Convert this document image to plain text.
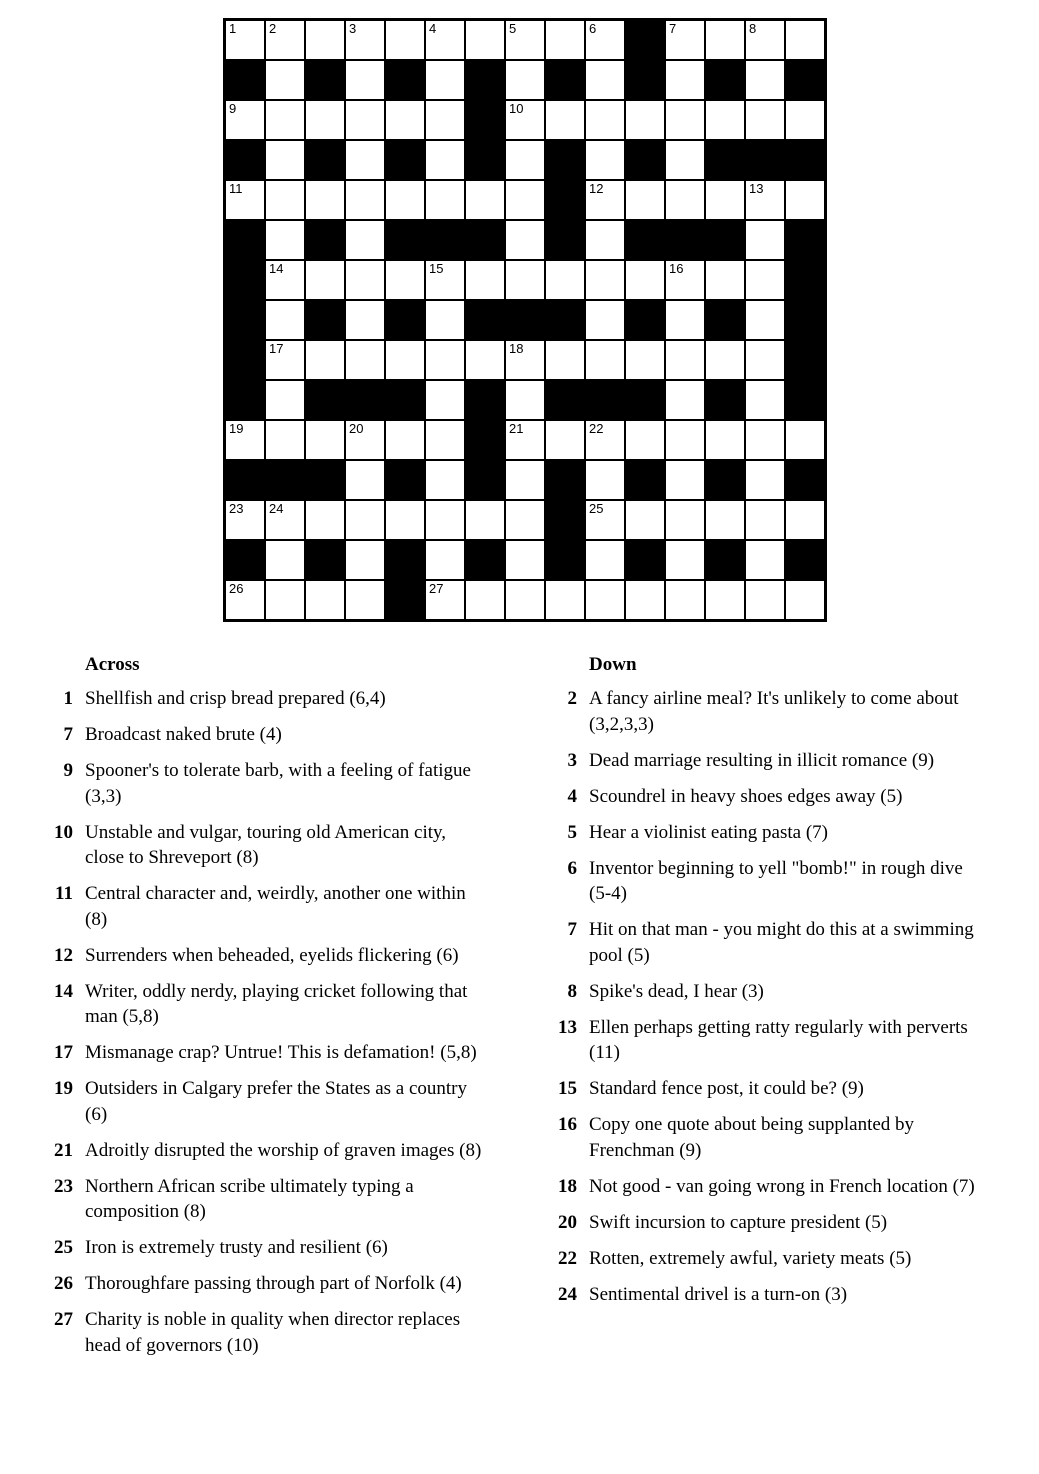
1	2	3	4	5	6	7	8
9	10
11	12	13
14	15	16
17	18
19	20	21	22
23 24	25
26	27
Across
1 Shellfish and crisp bread prepared (6,4)
7 Broadcast naked brute (4)
9 Spooner's to tolerate barb, with a feeling of fatigue (3,3)
10 Unstable and vulgar, touring old American city, close to Shreveport (8)
11 Central character and, weirdly, another one within (8)
12 Surrenders when beheaded, eyelids flickering (6)
14 Writer, oddly nerdy, playing cricket following that man (5,8)
17 Mismanage crap? Untrue! This is defamation! (5,8)
19 Outsiders in Calgary prefer the States as a country (6)
21 Adroitly disrupted the worship of graven images (8)
23 Northern African scribe ultimately typing a composition (8)
25 Iron is extremely trusty and resilient (6)
26 Thoroughfare passing through part of Norfolk (4)
27 Charity is noble in quality when director replaces head of governors (10)
Down
2 A fancy airline meal? It's unlikely to come about (3,2,3,3)
3 Dead marriage resulting in illicit romance (9)
4 Scoundrel in heavy shoes edges away (5)
5 Hear a violinist eating pasta (7)
6 Inventor beginning to yell "bomb!" in rough dive (5-4)
7 Hit on that man - you might do this at a swimming pool (5)
8 Spike's dead, I hear (3)
13 Ellen perhaps getting ratty regularly with perverts (11)
15 Standard fence post, it could be? (9)
16 Copy one quote about being supplanted by Frenchman (9)
18 Not good - van going wrong in French location (7)
20 Swift incursion to capture president (5)
22 Rotten, extremely awful, variety meats (5)
24 Sentimental drivel is a turn-on (3)
